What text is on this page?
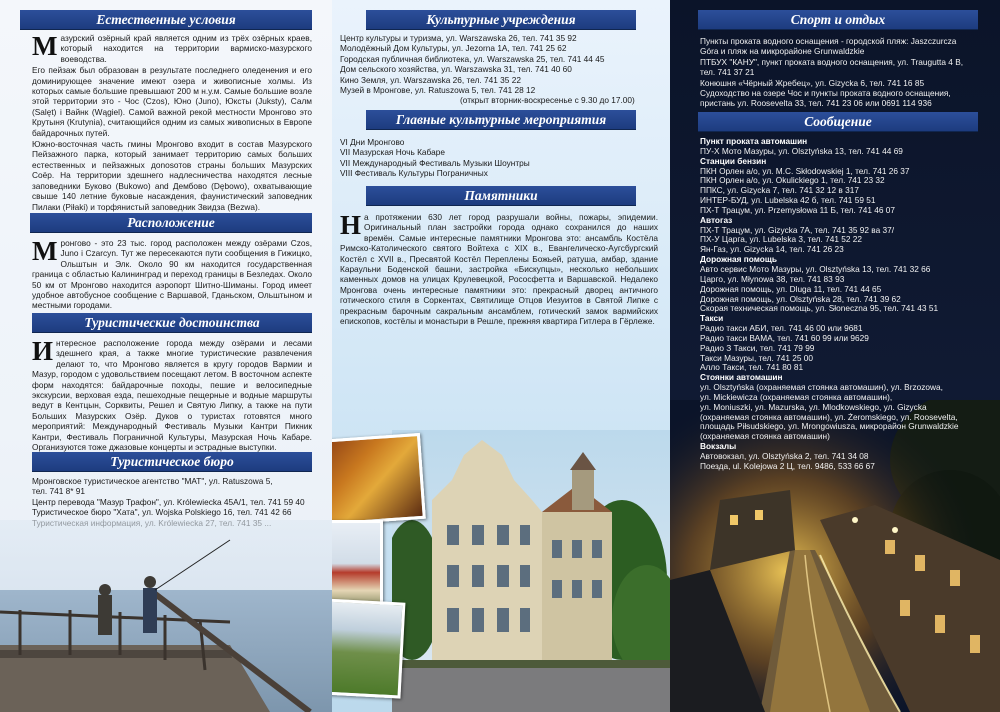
Естественные условия
М азурский озёрный край является одним из трёх озёрных краев, который находится на территории вармиско-мазурского воеводства.

Его пейзаж был образован в результате последнего оледенения и его доминирующее значение имеют озера и живописные холмы. Из которых самые большие превышают 200 м н.у.м. Самые большие возле этой территории это - Чос (Czos), Юно (Juno), Юксты (Juksty), Салм (Salęt) i Вайнк (Wągiel). Самой важной рекой местности Мронгово это Крутыня (Krutynia), считающийся одним из самых живописных в Европе байдарочных путей.

Южно-восточная часть гмины Мронгово входит в состав Мазурского Пейзажного парка, который занимает территорию самых больших естественных и пейзажных доnosoтов страны больших Мазурских Соёр. На территории здешнего надлесничества находятся лесные заповедники Буково (Bukowo) and Дембово (Dębowo), охватывающие свыше 140 летние буковые насаждения, фаунистический заповедник Пилаки (Piłaki) и торфянистый заповедник Звидза (Bezwa).

Расположение
М ронгово - это 23 тыс. город расположен между озёрами Czos, Juno i Czarcyn. Тут же пересекаются пути сообщения в Гижицко, Ольштын и Элк. Около 90 км находится государственная граница с областью Калининград и переход границы в Безледах. Около 50 км от Мронгово находится аэропорт Шитно-Шиманы. Город имеет удобное автобусное сообщение с Варшавой, Гданьском, Ольштыном и местными городами.
Туристические достоинства
И нтересное расположение города между озёрами и лесами здешнего края, а также многие туристические развлечения делают то, что Мронгово является в кругу городов Вармии и Мазур, городом с удовольствием посещают летом. В восточном аспекте форм находятся: байдарочные походы, пешие и велосипедные экскурсии, верховая езда, пешеходные пещерные и водные маршруты ведут в Кентцын, Сорквиты, Решел и Святую Липку, а также на пути Больших Мазурских Озёр. Дуков о туристах готовятся много мероприятий: Международный Фестиваль Музыки Кантри Пикник Кантри, Фестиваль Пограничной Культуры, Мазурская Ночь Кабаре. Организуются тоже джазовые концерты и эстрадные выступки.
Туристическое бюро
Мронговское туристическое агентство "МАТ", ул. Ratuszowa 5,
тел. 741 8* 91
Центр перевода "Мазур Трафон", ул. Królewiecka 45А/1, тел. 741 59 40
Туристическое бюро "Хата", ул. Wojska Polskiego 16, тел. 741 42 66
Культурные учреждения
Центр культуры и туризма, ул. Warszawska 26, тел. 741 35 92
Молодёжный Дом Культуры, ул. Jezorna 1А, тел. 741 25 62
Городская публичная библиотека, ул. Warszawska 25, тел. 741 44 45
Дом сельского хозяйства, ул. Warszawska 31, тел. 741 40 60
Кино Земля, ул. Warszawska 26, тел. 741 35 22
Музей в Мронгове, ул. Ratuszowa 5, тел. 741 28 12
(открыт вторник-воскресенье с 9.30 до 17.00)
Главные культурные мероприятия
VI Дни Мронгово
VII Мазурская Ночь Кабаре
VII Международный Фестиваль Музыки Шоунтры
VIII Фестиваль Культуры Пограничных
Памятники
Н а протяжении 630 лет город разрушали войны, пожары, эпидемии. Оригинальный план застройки города однако сохранился до наших времён. Самые интересные памятники Мронгова это: ансамбль Костёла Римско-Католического святого Войтеха с XIX в., Евангелическо-Аугсбургский Костёл с XVII в., Пресвятой Костёл Переплены Божьей, ратуша, амбар, здание Караульни Боденской башни, застройка «Бискупцы», несколько небольших каменных домов на улицах Крулевецкой, Рососфетта и Варшавской. Недалеко Мронгова очень интересные памятники это: прекрасный дворец античного готического стиля в Соркентах, Святилище Отцов Иезуитов в Святой Липке с прекрасным барочным сакральным ансамблем, готический замок вармийских епископов, костёлы и монастыри в Решле, прежняя квартира Гитлера в Гёрлеже.
Спорт и отдых
Пункты проката водного оснащения - городской пляж: Jaszczurcza
Góra и пляж на микрорайоне Grunwaldzkie
ПТБУХ "КАНУ", пункт проката водного оснащения, ул. Traugutta 4 В,
тел. 741 37 21
Конюшня «Чёрный Жребец», ул. Gizycka 6, тел. 741 16 85
Судоходство на озере Чос и пункты проката водного оснащения,
пристань ул. Roosevelta 33, тел. 741 23 06 или 0691 114 936
Сообщение
Пункт проката автомашин
ПУ-Х Мото Мазуры, ул. Olsztyńska 13, тел. 741 44 69
Станции бензин
ПКН Орлен а/о, ул. M.C. Skłodowskiej 1, тел. 741 26 37
ПКН Орлен а/о, ул. Okulickiego 1, тел. 741 23 32
ППКС, ул. Gizycka 7, тел. 741 32 12 в 317
ИНТЕР-БУД, ул. Lubelska 42 б, тел. 741 59 51
ПХ-Т Трацум, ул. Przemysłowa 11 Б, тел. 741 46 07
Автогаз
ПХ-Т Трацум, ул. Gizycka 7А, тел. 741 35 92 ва 37/
ПХ-У Царга, ул. Lubelska 3, тел. 741 52 22
Ян-Газ, ул. Gizycka 14, тел. 741 26 23
Дорожная помощь
Авто сервис Мото Мазуры, ул. Olsztyńska 13, тел. 741 32 66
Царго, ул. Młynowa 38, тел. 741 83 93
Дорожная помощь, ул. Dluga 11, тел. 741 44 65
Дорожная помощь, ул. Olsztyńska 28, тел. 741 39 62
Скорая техническая помощь, ул. Słoneczna 95, тел. 741 43 51
Такси
Радио такси АБИ, тел. 741 46 00 или 9681
Радио такси ВАМА, тел. 741 60 99 или 9629
Радио З Такси, тел. 741 79 99
Такси Мазуры, тел. 741 25 00
Алло Такси, тел. 741 80 81
Стоянки автомашин
ул. Olsztyńska (охраняемая стоянка автомашин), ул. Brzozowa,
ул. Mickiewicza (охраняемая стоянка автомашин),
ул. Moniuszki, ул. Mazurska, ул. Mlodkowskiego, ул. Gizycka
(охраняемая стоянка автомашин), ул. Żeromskiego, ул. Roosevelta,
площадь Piłsudskiego, ул. Mrongowiusza, микрорайон Grunwaldzkie
(охраняемая стоянка автомашин)
Вокзалы
Автовокзал, ул. Olsztyńska 2, тел. 741 34 08
Поезда, ul. Kolejowa 2 Ц, тел. 9486, 533 66 67
